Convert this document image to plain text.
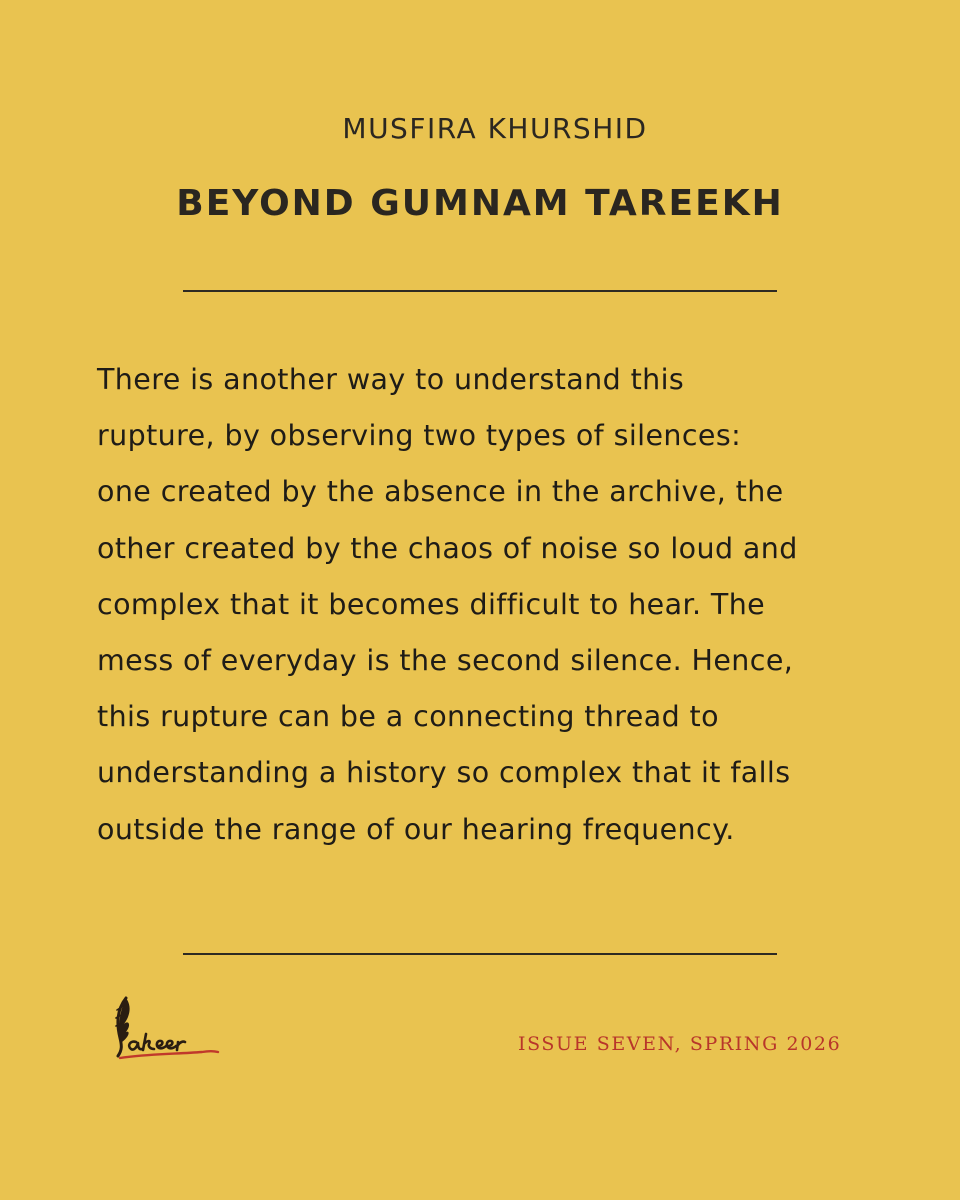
MUSFIRA KHURSHID
BEYOND GUMNAM TAREEKH

There is another way to understand this
rupture, by observing two types of silences:
one created by the absence in the archive, the
other created by the chaos of noise so loud and
complex that it becomes difficult to hear. The
mess of everyday is the second silence. Hence,
this rupture can be a connecting thread to
understanding a history so complex that it falls
outside the range of our hearing frequency.

ISSUE SEVEN, SPRING 2026
